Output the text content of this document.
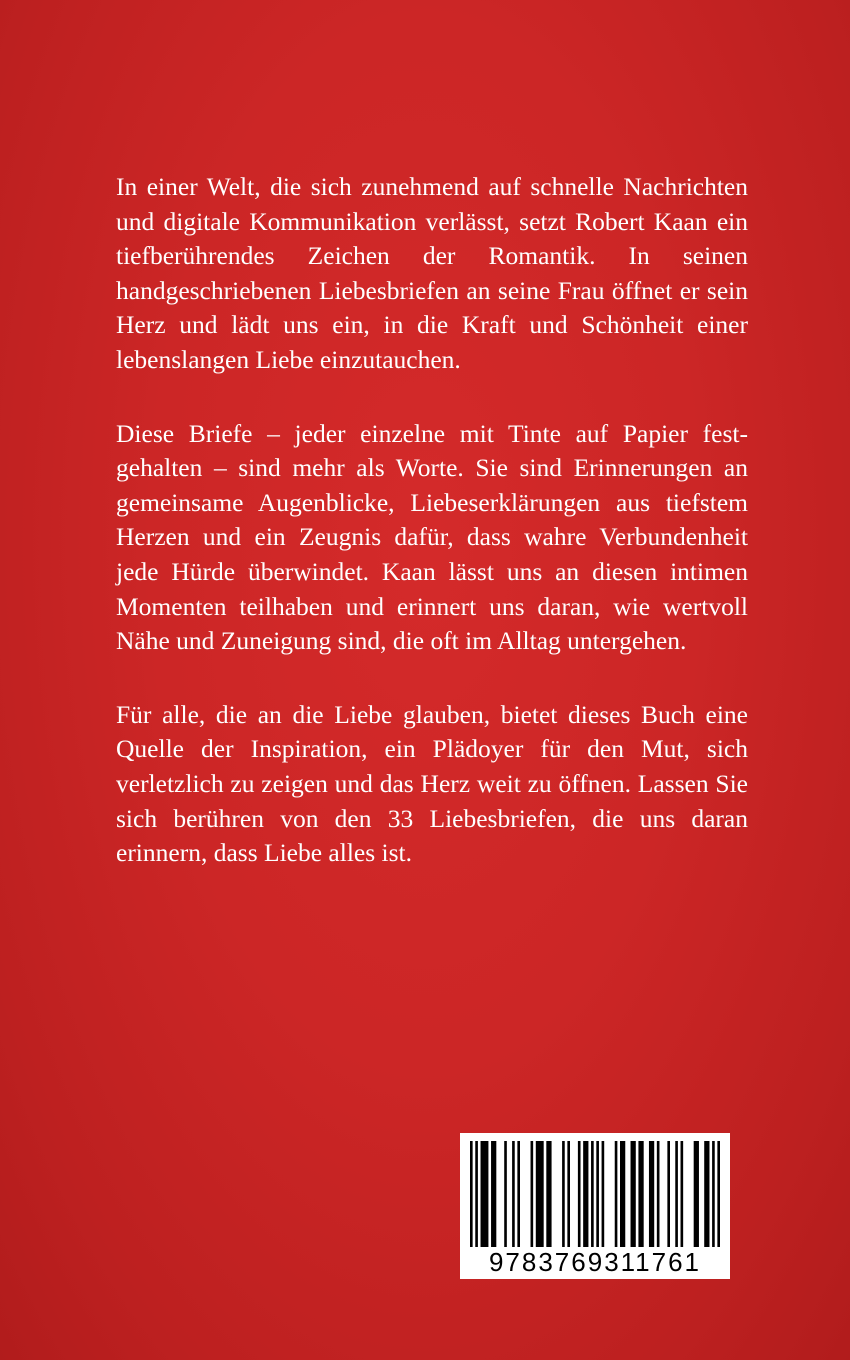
In einer Welt, die sich zunehmend auf schnelle Nachrichten und digitale Kommunikation verlässt, setzt Robert Kaan ein tiefberührendes Zeichen der Romantik. In seinen handgeschriebenen Liebesbriefen an seine Frau öffnet er sein Herz und lädt uns ein, in die Kraft und Schönheit einer lebenslangen Liebe einzutauchen.

Diese Briefe – jeder einzelne mit Tinte auf Papier festgehalten – sind mehr als Worte. Sie sind Erinnerungen an gemeinsame Augenblicke, Liebeserklärungen aus tiefstem Herzen und ein Zeugnis dafür, dass wahre Verbundenheit jede Hürde überwindet. Kaan lässt uns an diesen intimen Momenten teilhaben und erinnert uns daran, wie wertvoll Nähe und Zuneigung sind, die oft im Alltag untergehen.

Für alle, die an die Liebe glauben, bietet dieses Buch eine Quelle der Inspiration, ein Plädoyer für den Mut, sich verletzlich zu zeigen und das Herz weit zu öffnen. Lassen Sie sich berühren von den 33 Liebesbriefen, die uns daran erinnern, dass Liebe alles ist.

9783769311761
